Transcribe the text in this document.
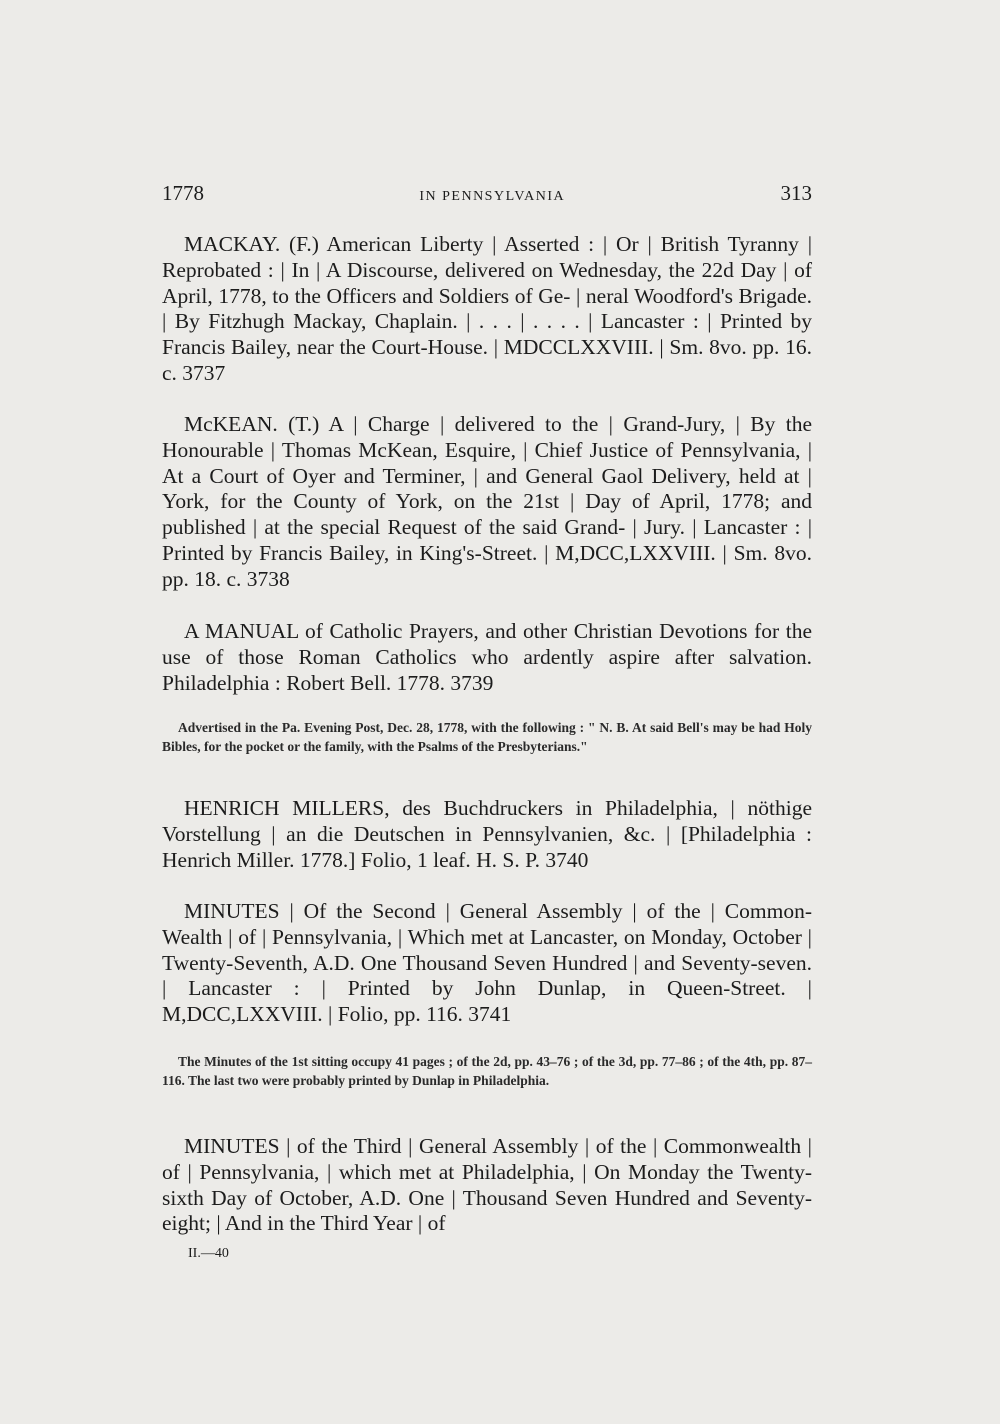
1778	IN PENNSYLVANIA	313

MACKAY. (F.) American Liberty | Asserted : | Or | British Tyranny | Reprobated : | In | A Discourse, delivered on Wednesday, the 22d Day | of April, 1778, to the Officers and Soldiers of Ge- | neral Woodford's Brigade. | By Fitzhugh Mackay, Chaplain. | . . . | . . . . | Lancaster : | Printed by Francis Bailey, near the Court-House. | MDCCLXXVIII. | Sm. 8vo. pp. 16. c. 3737

McKEAN. (T.) A | Charge | delivered to the | Grand-Jury, | By the Honourable | Thomas McKean, Esquire, | Chief Justice of Pennsylvania, | At a Court of Oyer and Terminer, | and General Gaol Delivery, held at | York, for the County of York, on the 21st | Day of April, 1778; and published | at the special Request of the said Grand- | Jury. | Lancaster : | Printed by Francis Bailey, in King's-Street. | M,DCC,LXXVIII. | Sm. 8vo. pp. 18. c. 3738

A MANUAL of Catholic Prayers, and other Christian Devotions for the use of those Roman Catholics who ardently aspire after salvation. Philadelphia : Robert Bell. 1778. 3739

Advertised in the Pa. Evening Post, Dec. 28, 1778, with the following : " N. B. At said Bell's may be had Holy Bibles, for the pocket or the family, with the Psalms of the Presbyterians."

HENRICH MILLERS, des Buchdruckers in Philadelphia, | nöthige Vorstellung | an die Deutschen in Pennsylvanien, &c. | [Philadelphia : Henrich Miller. 1778.] Folio, 1 leaf. H. S. P. 3740

MINUTES | Of the Second | General Assembly | of the | Common-Wealth | of | Pennsylvania, | Which met at Lancaster, on Monday, October | Twenty-Seventh, A.D. One Thousand Seven Hundred | and Seventy-seven. | Lancaster : | Printed by John Dunlap, in Queen-Street. | M,DCC,LXXVIII. | Folio, pp. 116. 3741

The Minutes of the 1st sitting occupy 41 pages ; of the 2d, pp. 43–76 ; of the 3d, pp. 77–86 ; of the 4th, pp. 87–116. The last two were probably printed by Dunlap in Philadelphia.

MINUTES | of the Third | General Assembly | of the | Commonwealth | of | Pennsylvania, | which met at Philadelphia, | On Monday the Twenty-sixth Day of October, A.D. One | Thousand Seven Hundred and Seventy-eight; | And in the Third Year | of

II.—40
